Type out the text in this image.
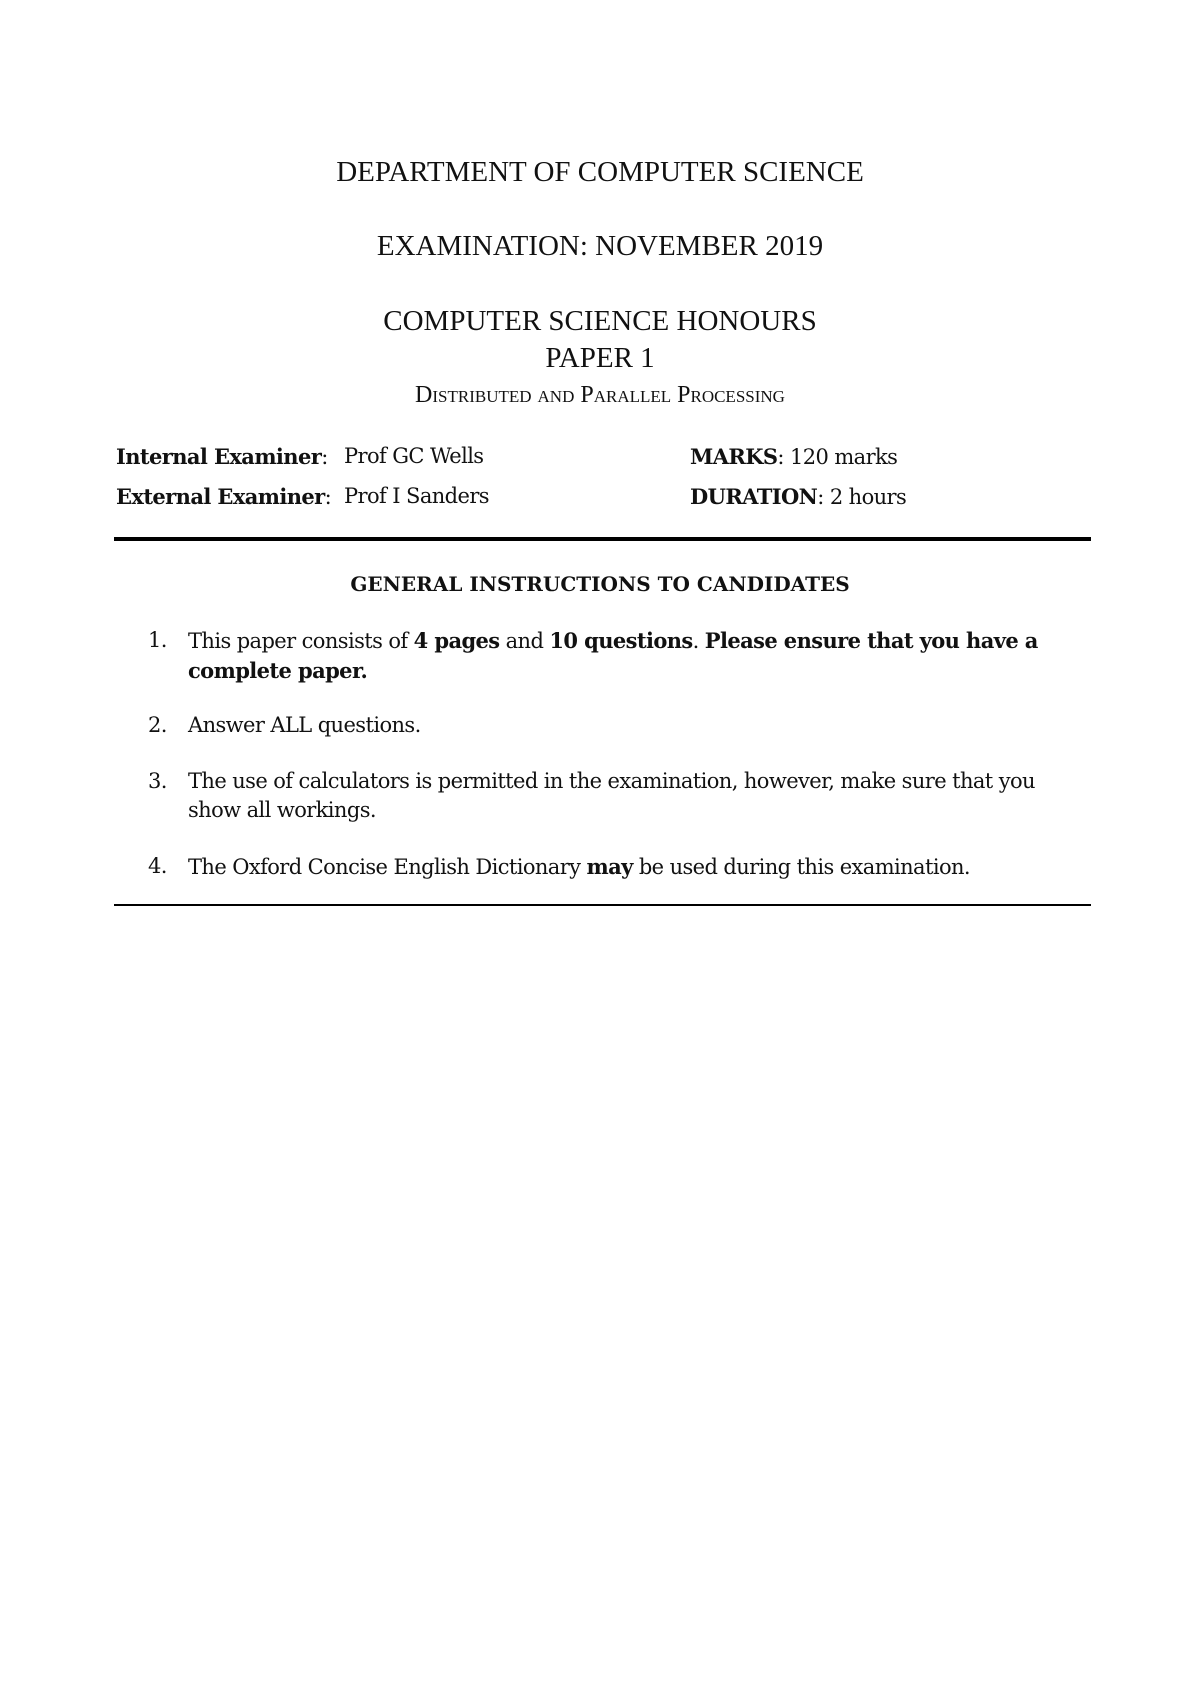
DEPARTMENT OF COMPUTER SCIENCE
EXAMINATION: NOVEMBER 2019
COMPUTER SCIENCE HONOURS
PAPER 1
Distributed and Parallel Processing
Internal Examiner: Prof GC Wells	MARKS: 120 marks
External Examiner: Prof I Sanders	DURATION: 2 hours
GENERAL INSTRUCTIONS TO CANDIDATES
1. This paper consists of 4 pages and 10 questions. Please ensure that you have a complete paper.
2. Answer ALL questions.
3. The use of calculators is permitted in the examination, however, make sure that you show all workings.
4. The Oxford Concise English Dictionary may be used during this examination.
